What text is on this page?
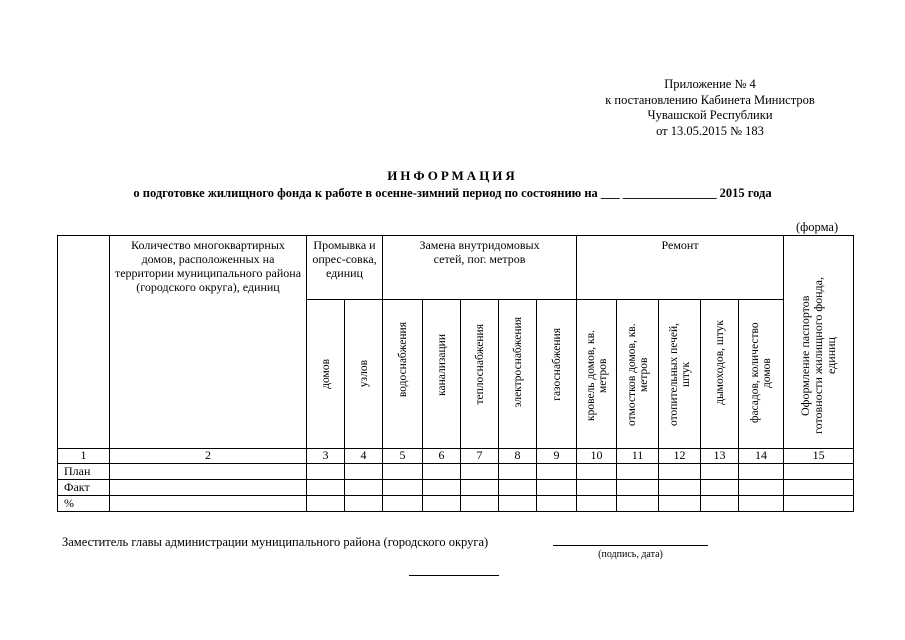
Приложение № 4
к постановлению Кабинета Министров
Чувашской Республики
от 13.05.2015 № 183
ИНФОРМАЦИЯ
о подготовке жилищного фонда к работе в осенне-зимний период по состоянию на ___ _______________ 2015 года
(форма)
	Количество многоквартирных домов, расположенных на территории муниципального района (городского округа), единиц	Промывка и опрес-совка, единиц		Замена внутридомовых сетей, пог. метров					Ремонт					Оформление паспортов готовности жилищного фонда, единиц

		домов	узлов	водоснабжения	канализации	теплоснабжения	электроснабжения	газоснабжения	кровель домов, кв. метров	отмостков домов, кв. метров	отопительных печей, штук	дымоходов, штук	фасадов, количество домов	

1	2	3	4	5	6	7	8	9	10	11	12	13	14	15
План														
Факт														
%														
Заместитель главы администрации муниципального района (городского округа)
(подпись, дата)
